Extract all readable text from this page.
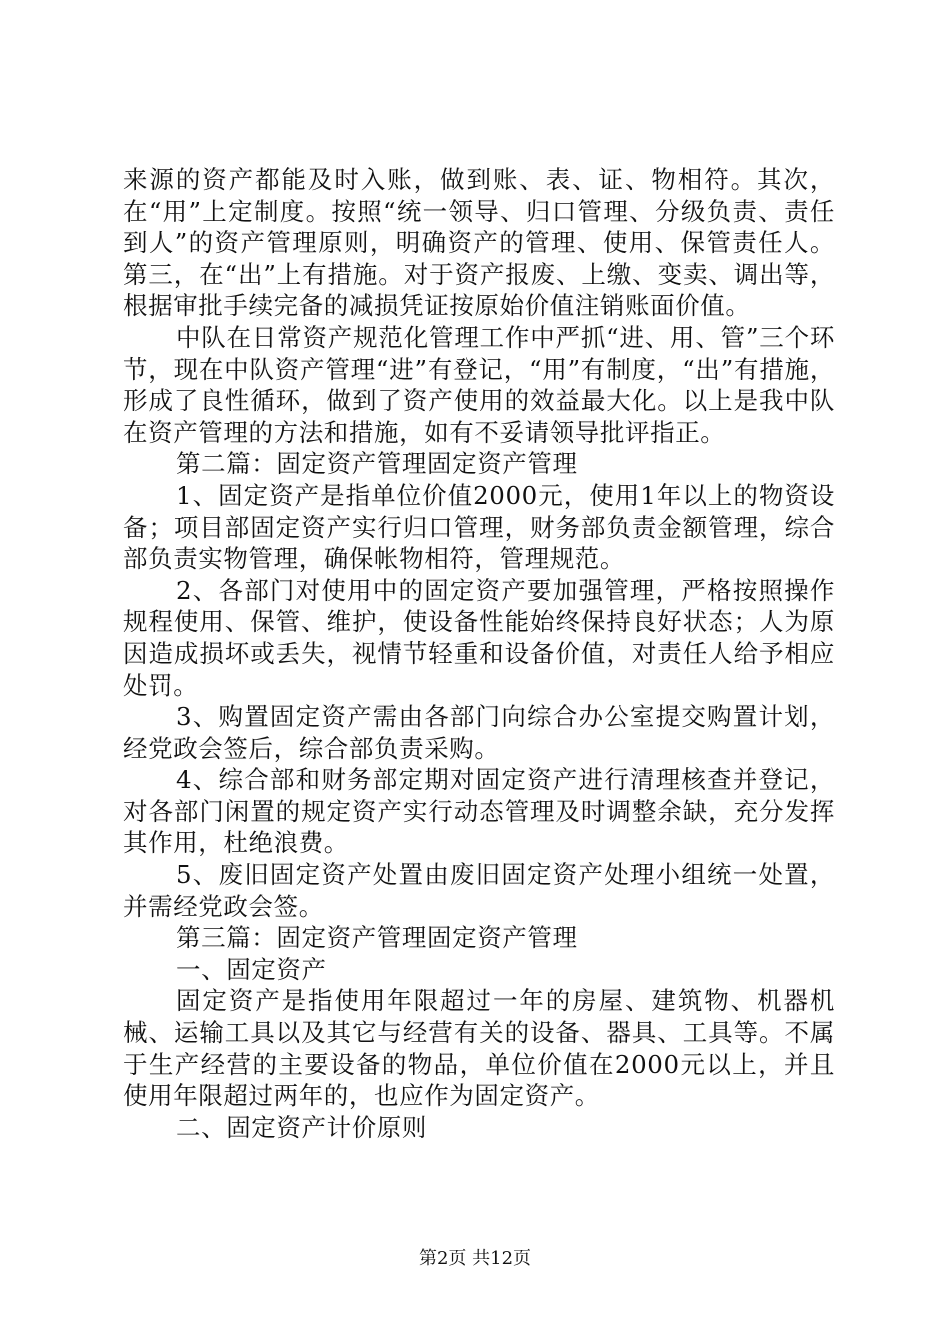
来源的资产都能及时入账，做到账、表、证、物相符。其次，在“用”上定制度。按照“统一领导、归口管理、分级负责、责任到人”的资产管理原则，明确资产的管理、使用、保管责任人。第三，在“出”上有措施。对于资产报废、上缴、变卖、调出等，根据审批手续完备的减损凭证按原始价值注销账面价值。

中队在日常资产规范化管理工作中严抓“进、用、管”三个环节，现在中队资产管理“进”有登记，“用”有制度，“出”有措施，形成了良性循环，做到了资产使用的效益最大化。以上是我中队在资产管理的方法和措施，如有不妥请领导批评指正。

第二篇：固定资产管理固定资产管理

1、固定资产是指单位价值2000元，使用1年以上的物资设备；项目部固定资产实行归口管理，财务部负责金额管理，综合部负责实物管理，确保帐物相符，管理规范。

2、各部门对使用中的固定资产要加强管理，严格按照操作规程使用、保管、维护，使设备性能始终保持良好状态；人为原因造成损坏或丢失，视情节轻重和设备价值，对责任人给予相应处罚。

3、购置固定资产需由各部门向综合办公室提交购置计划，经党政会签后，综合部负责采购。

4、综合部和财务部定期对固定资产进行清理核查并登记，对各部门闲置的规定资产实行动态管理及时调整余缺，充分发挥其作用，杜绝浪费。

5、废旧固定资产处置由废旧固定资产处理小组统一处置，并需经党政会签。

第三篇：固定资产管理固定资产管理

一、固定资产

固定资产是指使用年限超过一年的房屋、建筑物、机器机械、运输工具以及其它与经营有关的设备、器具、工具等。不属于生产经营的主要设备的物品，单位价值在2000元以上，并且使用年限超过两年的，也应作为固定资产。

二、固定资产计价原则

第2页 共12页
